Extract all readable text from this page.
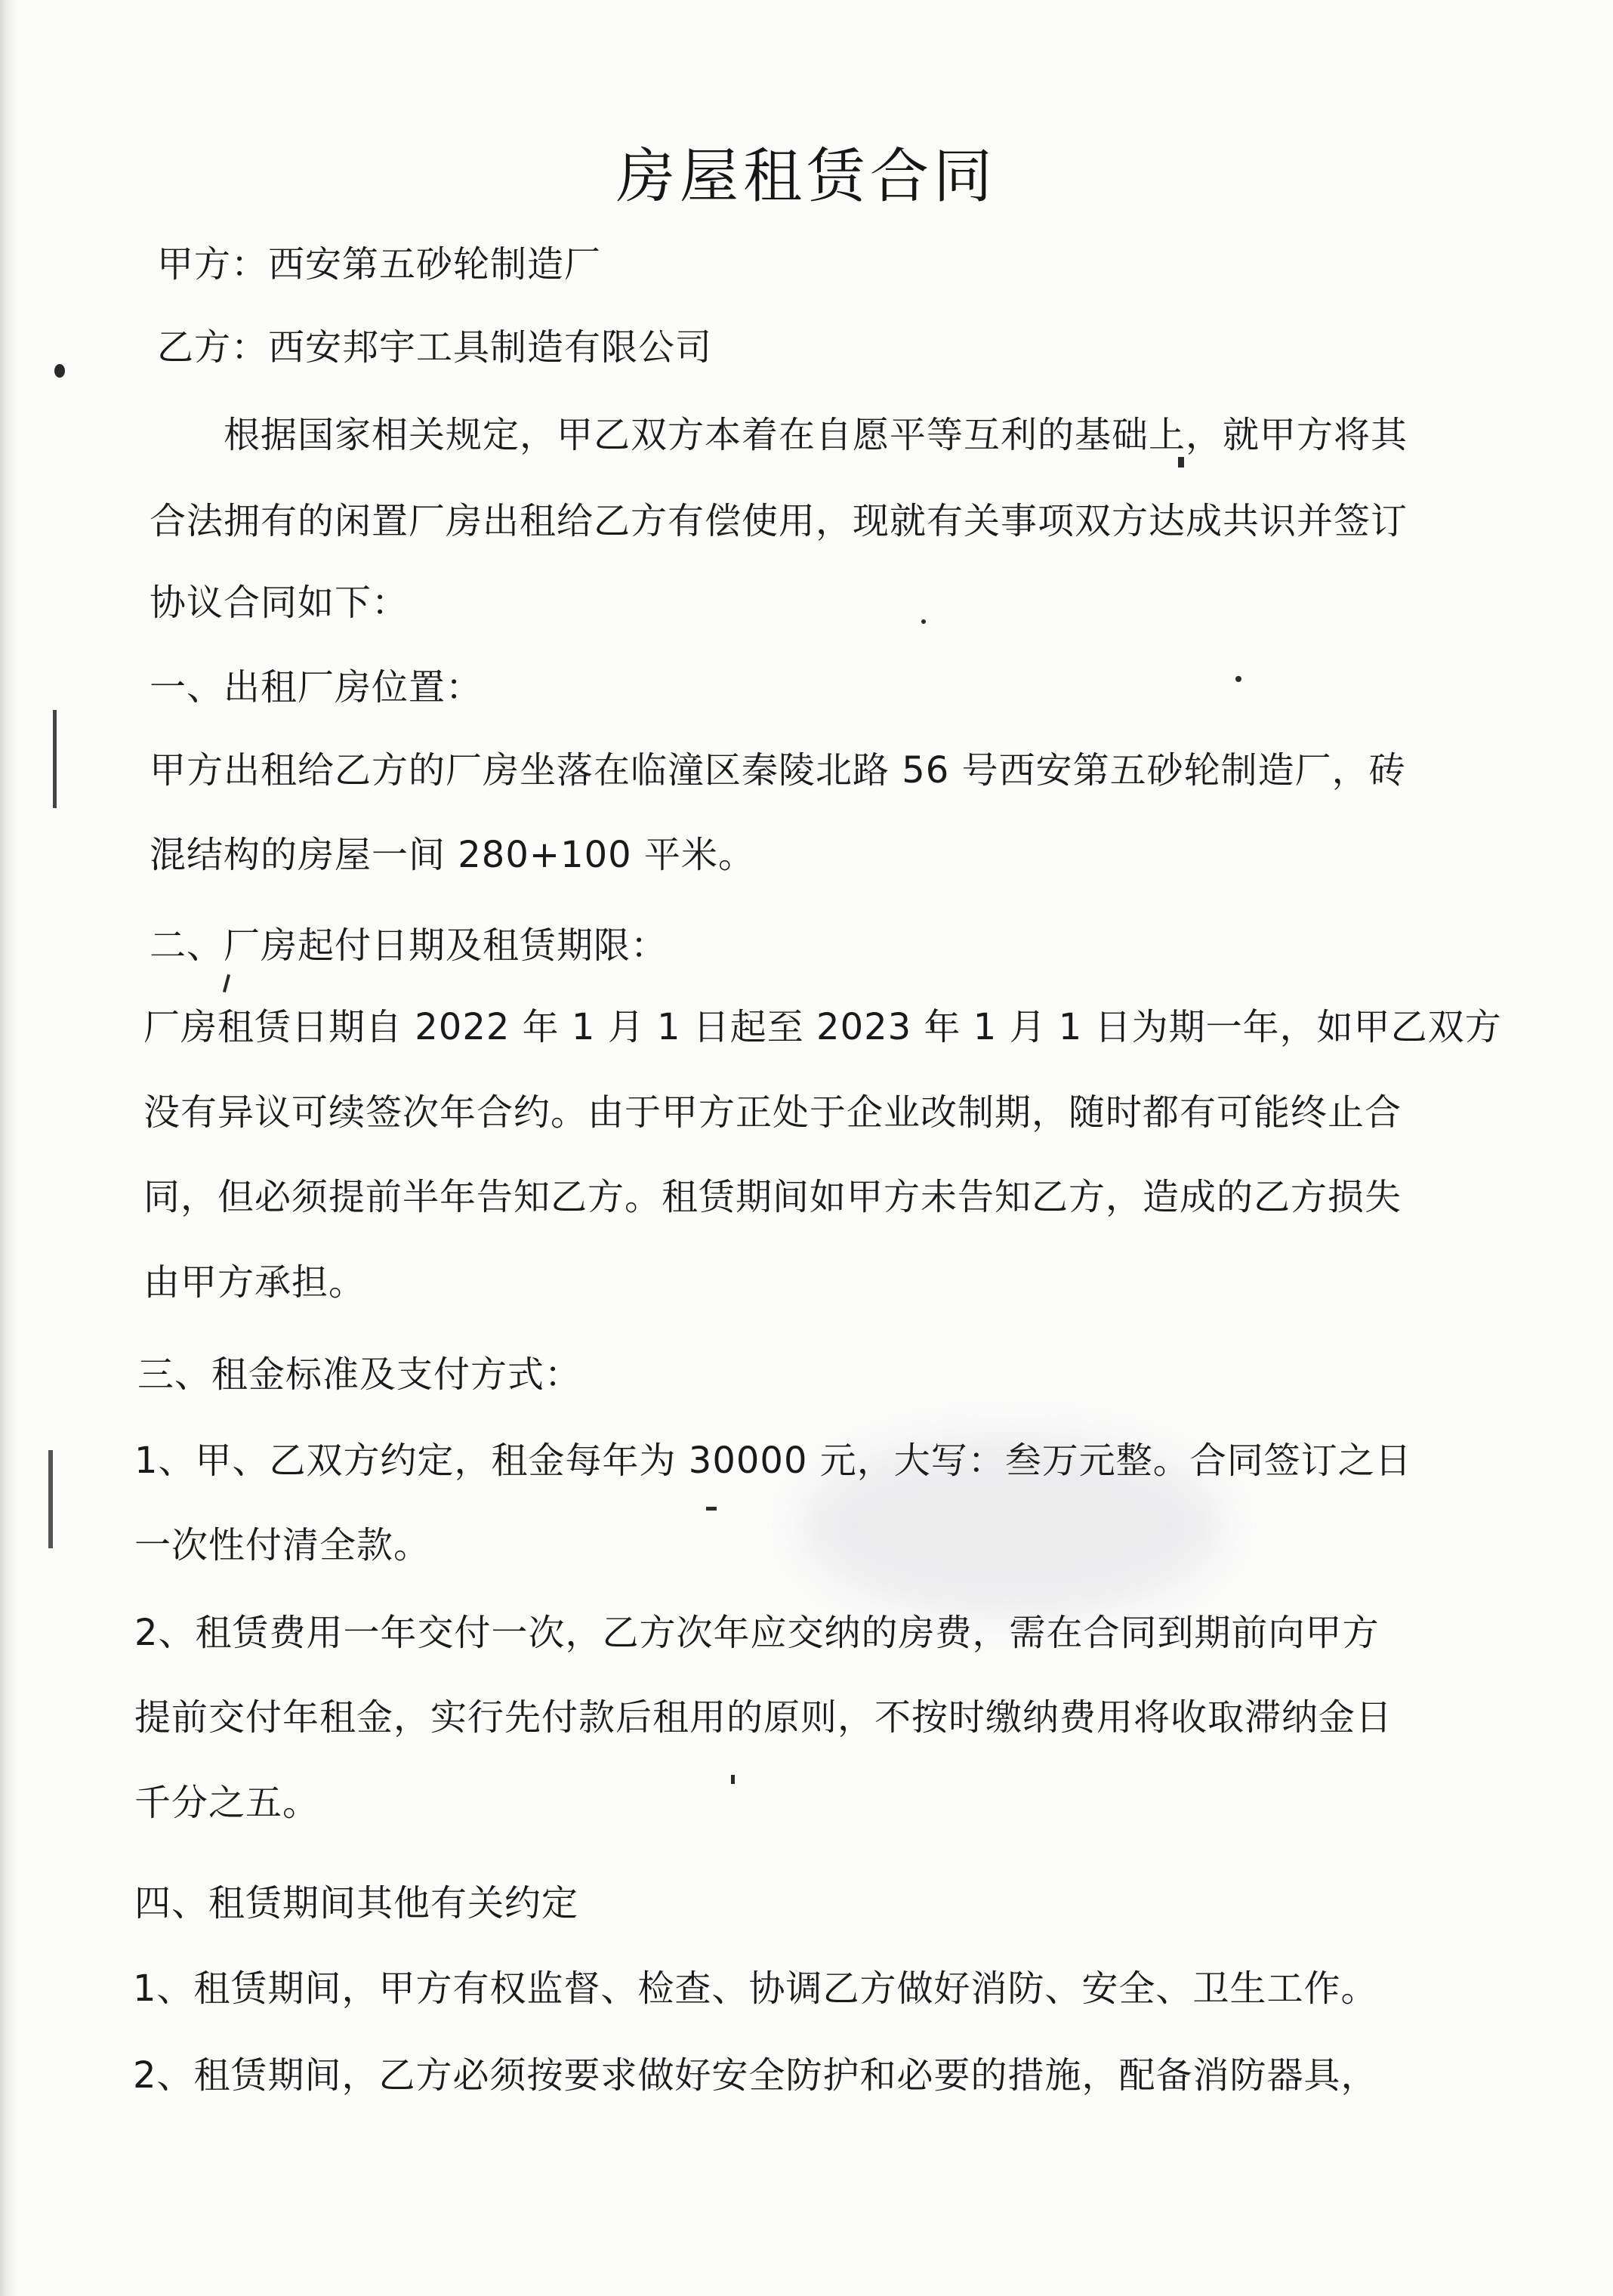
房屋租赁合同
甲方：西安第五砂轮制造厂
乙方：西安邦宇工具制造有限公司
根据国家相关规定，甲乙双方本着在自愿平等互利的基础上，就甲方将其
合法拥有的闲置厂房出租给乙方有偿使用，现就有关事项双方达成共识并签订
协议合同如下：
一、出租厂房位置：
甲方出租给乙方的厂房坐落在临潼区秦陵北路 56 号西安第五砂轮制造厂，砖
混结构的房屋一间 280+100 平米。
二、厂房起付日期及租赁期限：
厂房租赁日期自 2022 年 1 月 1 日起至 2023 年 1 月 1 日为期一年，如甲乙双方
没有异议可续签次年合约。由于甲方正处于企业改制期，随时都有可能终止合
同，但必须提前半年告知乙方。租赁期间如甲方未告知乙方，造成的乙方损失
由甲方承担。
三、租金标准及支付方式：
1、甲、乙双方约定，租金每年为 30000 元，大写：叁万元整。合同签订之日
一次性付清全款。
2、租赁费用一年交付一次，乙方次年应交纳的房费，需在合同到期前向甲方
提前交付年租金，实行先付款后租用的原则，不按时缴纳费用将收取滞纳金日
千分之五。
四、租赁期间其他有关约定
1、租赁期间，甲方有权监督、检查、协调乙方做好消防、安全、卫生工作。
2、租赁期间，乙方必须按要求做好安全防护和必要的措施，配备消防器具，
